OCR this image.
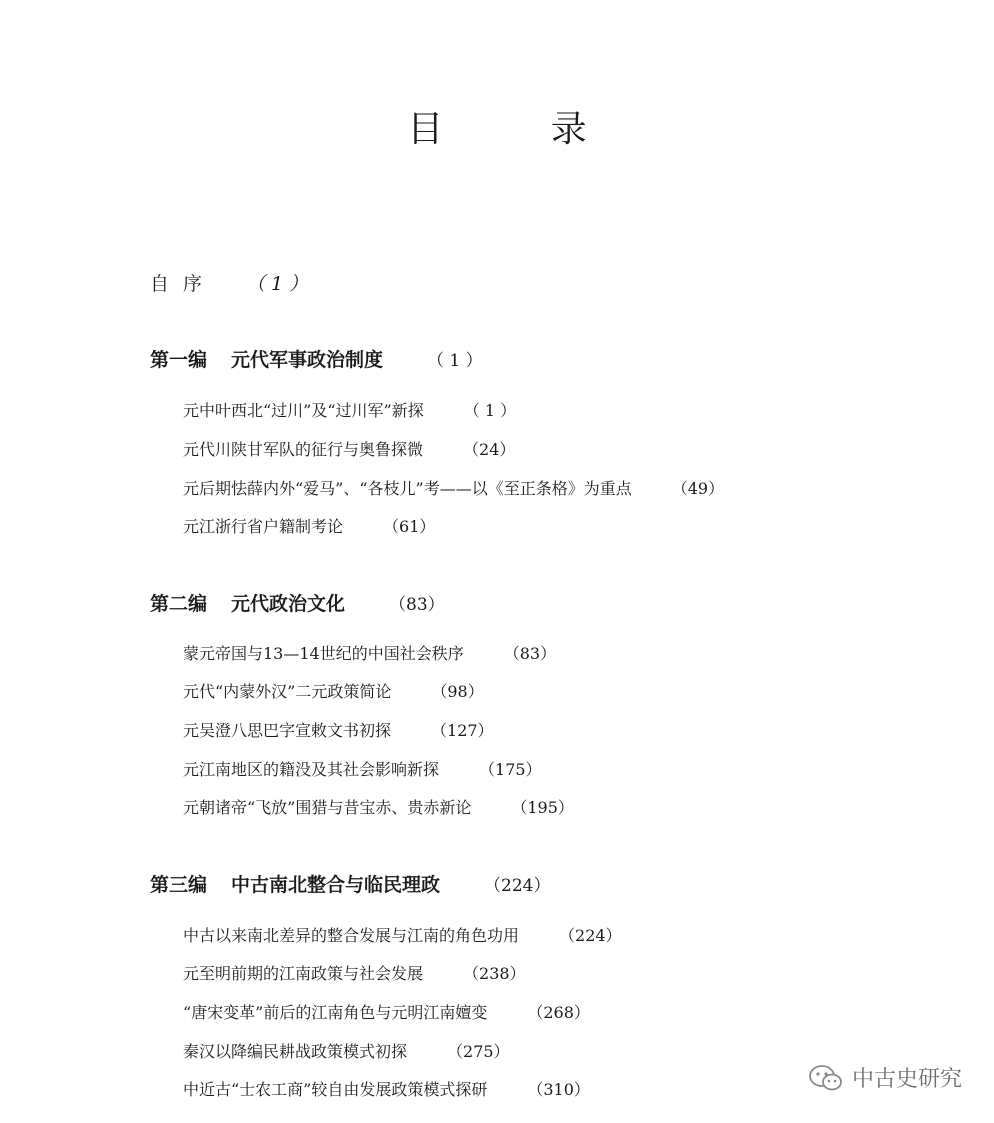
目 录
自序 （ 1 ）
第一编 元代军事政治制度	（ 1 ）
元中叶西北“过川”及“过川军”新探	（ 1 ）
元代川陕甘军队的征行与奥鲁探微	（24）
元后期怯薛内外“爱马”、“各枝儿”考——以《至正条格》为重点	（49）
元江浙行省户籍制考论	（61）
第二编 元代政治文化	（83）
蒙元帝国与13—14世纪的中国社会秩序	（83）
元代“内蒙外汉”二元政策简论	（98）
元吴澄八思巴字宣敕文书初探	（127）
元江南地区的籍没及其社会影响新探	（175）
元朝诸帝“飞放”围猎与昔宝赤、贵赤新论	（195）
第三编 中古南北整合与临民理政	（224）
中古以来南北差异的整合发展与江南的角色功用	（224）
元至明前期的江南政策与社会发展	（238）
“唐宋变革”前后的江南角色与元明江南嬗变	（268）
秦汉以降编民耕战政策模式初探	（275）
中近古“士农工商”较自由发展政策模式探研	（310）	中古史研究
